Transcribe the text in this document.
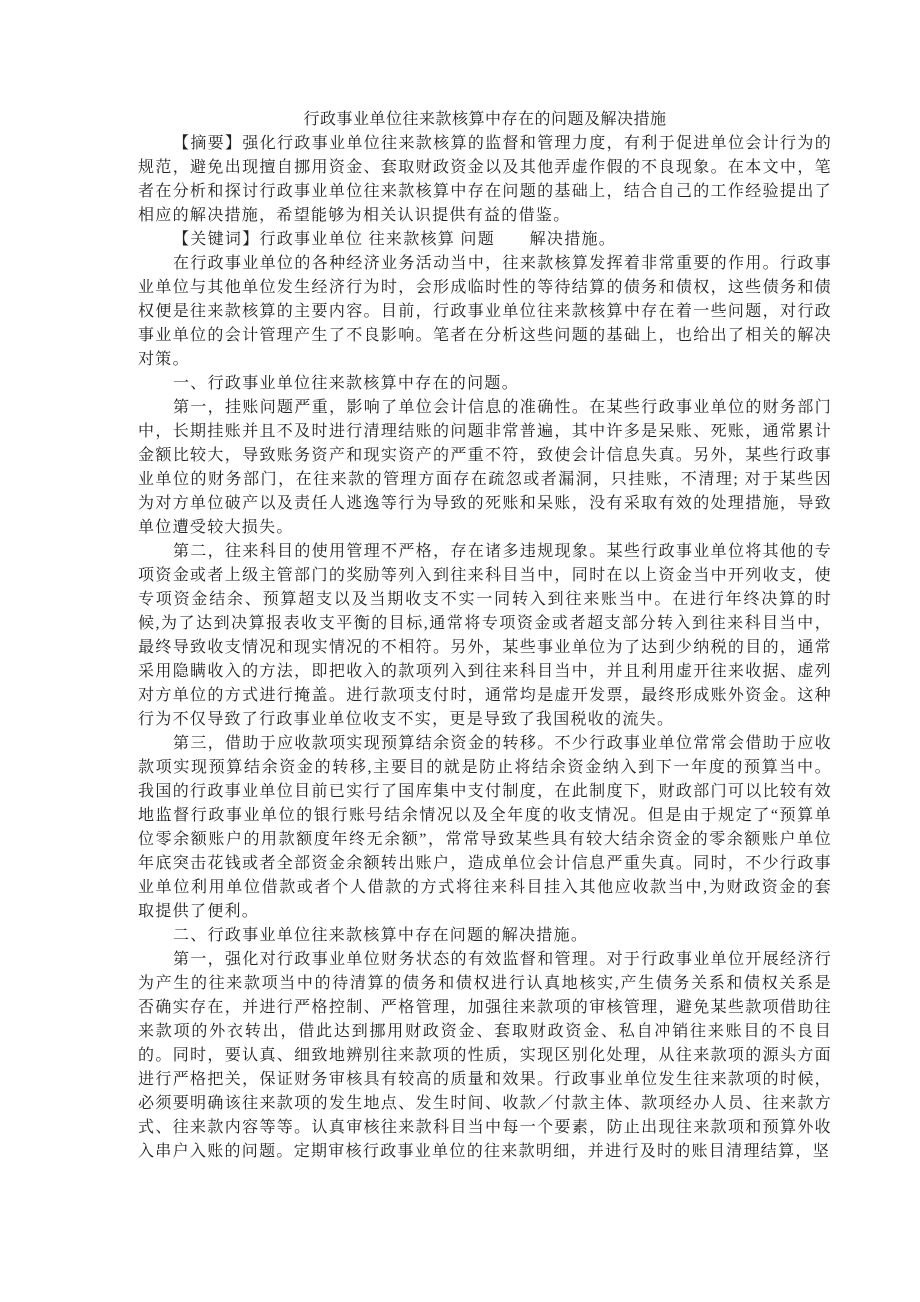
行政事业单位往来款核算中存在的问题及解决措施

【摘要】强化行政事业单位往来款核算的监督和管理力度，有利于促进单位会计行为的规范，避免出现擅自挪用资金、套取财政资金以及其他弄虚作假的不良现象。在本文中，笔者在分析和探讨行政事业单位往来款核算中存在问题的基础上，结合自己的工作经验提出了相应的解决措施，希望能够为相关认识提供有益的借鉴。

【关键词】行政事业单位 往来款核算 问题　　解决措施。

在行政事业单位的各种经济业务活动当中，往来款核算发挥着非常重要的作用。行政事业单位与其他单位发生经济行为时，会形成临时性的等待结算的债务和债权，这些债务和债权便是往来款核算的主要内容。目前，行政事业单位往来款核算中存在着一些问题，对行政事业单位的会计管理产生了不良影响。笔者在分析这些问题的基础上，也给出了相关的解决对策。

一、行政事业单位往来款核算中存在的问题。

第一，挂账问题严重，影响了单位会计信息的准确性。在某些行政事业单位的财务部门中，长期挂账并且不及时进行清理结账的问题非常普遍，其中许多是呆账、死账，通常累计金额比较大，导致账务资产和现实资产的严重不符，致使会计信息失真。另外，某些行政事业单位的财务部门，在往来款的管理方面存在疏忽或者漏洞，只挂账，不清理; 对于某些因为对方单位破产以及责任人逃逸等行为导致的死账和呆账，没有采取有效的处理措施，导致单位遭受较大损失。

第二，往来科目的使用管理不严格，存在诸多违规现象。某些行政事业单位将其他的专项资金或者上级主管部门的奖励等列入到往来科目当中，同时在以上资金当中开列收支，使专项资金结余、预算超支以及当期收支不实一同转入到往来账当中。在进行年终决算的时候,为了达到决算报表收支平衡的目标,通常将专项资金或者超支部分转入到往来科目当中，最终导致收支情况和现实情况的不相符。另外，某些事业单位为了达到少纳税的目的，通常采用隐瞒收入的方法，即把收入的款项列入到往来科目当中，并且利用虚开往来收据、虚列对方单位的方式进行掩盖。进行款项支付时，通常均是虚开发票，最终形成账外资金。这种行为不仅导致了行政事业单位收支不实，更是导致了我国税收的流失。

第三，借助于应收款项实现预算结余资金的转移。不少行政事业单位常常会借助于应收款项实现预算结余资金的转移,主要目的就是防止将结余资金纳入到下一年度的预算当中。我国的行政事业单位目前已实行了国库集中支付制度，在此制度下，财政部门可以比较有效地监督行政事业单位的银行账号结余情况以及全年度的收支情况。但是由于规定了“预算单位零余额账户的用款额度年终无余额”，常常导致某些具有较大结余资金的零余额账户单位年底突击花钱或者全部资金余额转出账户，造成单位会计信息严重失真。同时，不少行政事业单位利用单位借款或者个人借款的方式将往来科目挂入其他应收款当中,为财政资金的套取提供了便利。

二、行政事业单位往来款核算中存在问题的解决措施。

第一，强化对行政事业单位财务状态的有效监督和管理。对于行政事业单位开展经济行为产生的往来款项当中的待清算的债务和债权进行认真地核实,产生债务关系和债权关系是否确实存在，并进行严格控制、严格管理，加强往来款项的审核管理，避免某些款项借助往来款项的外衣转出，借此达到挪用财政资金、套取财政资金、私自冲销往来账目的不良目的。同时，要认真、细致地辨别往来款项的性质，实现区别化处理，从往来款项的源头方面进行严格把关，保证财务审核具有较高的质量和效果。行政事业单位发生往来款项的时候，必须要明确该往来款项的发生地点、发生时间、收款／付款主体、款项经办人员、往来款方式、往来款内容等等。认真审核往来款科目当中每一个要素，防止出现往来款项和预算外收入串户入账的问题。定期审核行政事业单位的往来款明细，并进行及时的账目清理结算，坚
